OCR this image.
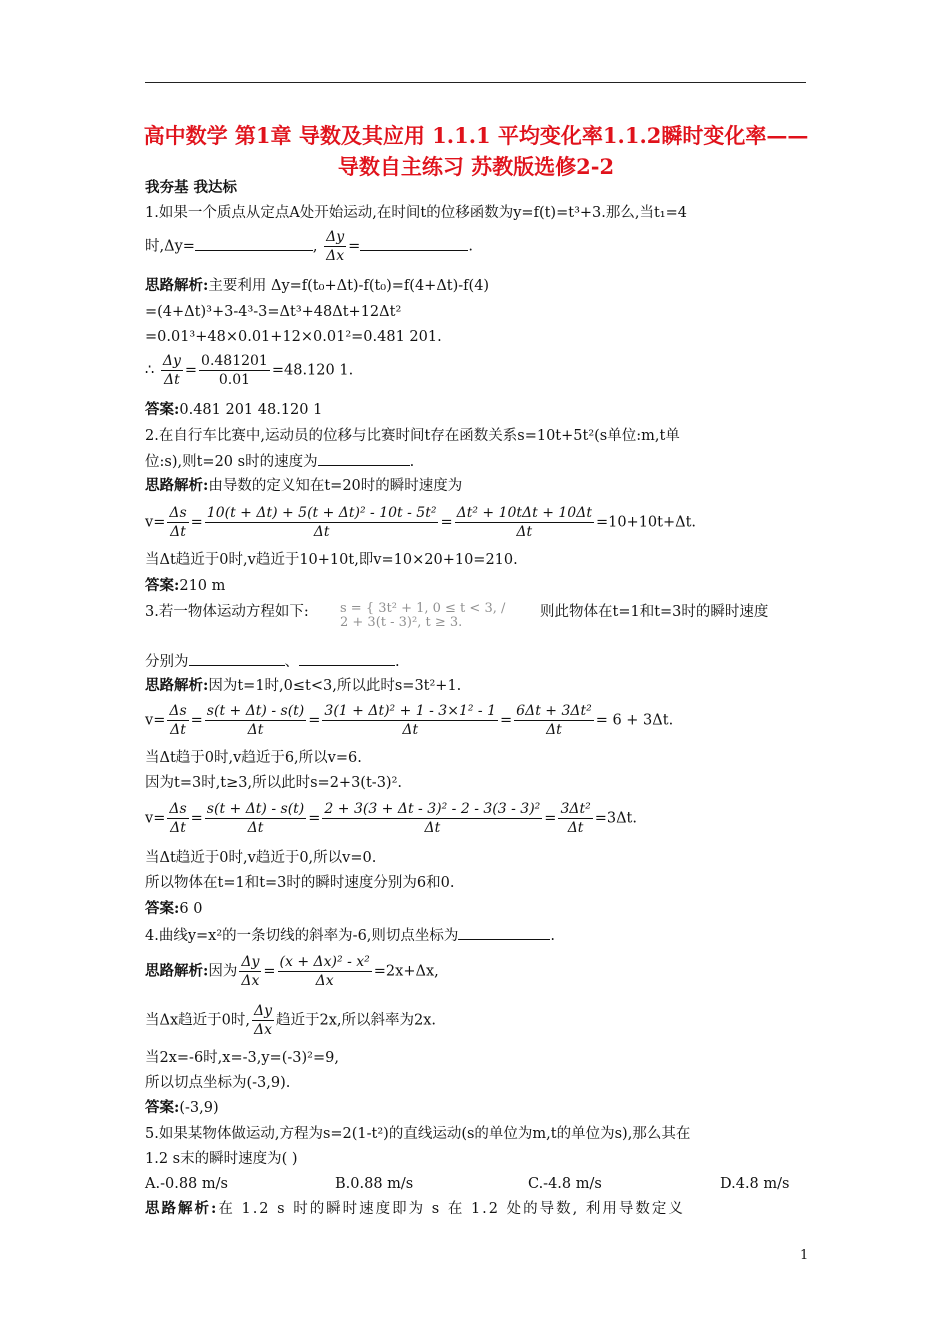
高中数学 第1章 导数及其应用 1.1.1 平均变化率1.1.2瞬时变化率——导数自主练习 苏教版选修2-2
我夯基 我达标
1.如果一个质点从定点A处开始运动,在时间t的位移函数为y=f(t)=t³+3.那么,当t₁=4
时,Δy=	, $\frac{\Delta y}{\Delta x}$ =	.
思路解析:主要利用 Δy=f(t₀+Δt)-f(t₀)=f(4+Δt)-f(4)
=(4+Δt)³+3-4³-3=Δt³+48Δt+12Δt²
=0.01³+48×0.01+12×0.01²=0.481 201.
∴ $\frac{\Delta y}{\Delta t} = \frac{0.481201}{0.01} =48.120$ 1.
答案:0.481 201 48.120 1
2.在自行车比赛中,运动员的位移与比赛时间t存在函数关系s=10t+5t²(s单位:m,t单
位:s),则t=20 s时的速度为	.
思路解析:由导数的定义知在t=20时的瞬时速度为
$v= \frac{\Delta s}{\Delta t} = \frac{\text{10(t + Δt) + 5(t + Δt)² - 10t - 5t²}}{\Delta t} = \frac{\text{Δt² + 10tΔt + 10Δt}}{\Delta t} =10+10t+\Delta t$.
当Δt趋近于0时,v趋近于10+10t,即v=10×20+10=210.
答案:210 m
3.若一物体运动方程如下: s = { 3t² + 1, 0 ≤ t < 3, / 2 + 3(t - 3)², t ≥ 3.
则此物体在t=1和t=3时的瞬时速度
分别为	、	.
思路解析:因为t=1时,0≤t<3,所以此时s=3t²+1.
$v= \frac{\Delta s}{\Delta t} = \frac{s(t + \Delta t) - s(t)}{\Delta t} = \frac{\text{3(1 + Δt)² + 1 - 3×1² - 1}}{\Delta t} = \frac{\text{6Δt + 3Δt²}}{\Delta t} = 6 + 3\Delta t$.
当Δt趋于0时,v趋近于6,所以v=6.
因为t=3时,t≥3,所以此时s=2+3(t-3)².
$v= \frac{\Delta s}{\Delta t} = \frac{s(t + \Delta t) - s(t)}{\Delta t} = \frac{\text{2 + 3(3 + Δt - 3)² - 2 - 3(3 - 3)²}}{\Delta t} = \frac{\text{3Δt²}}{\Delta t} =3\Delta t$.
当Δt趋近于0时,v趋近于0,所以v=0.
所以物体在t=1和t=3时的瞬时速度分别为6和0.
答案:6 0
4.曲线y=x²的一条切线的斜率为-6,则切点坐标为	.
思路解析:因为 $\frac{\Delta y}{\Delta x} = \frac{\text{(x + Δx)² - x²}}{\Delta x} =2x+\Delta x$,
当Δx趋近于0时, $\frac{\Delta y}{\Delta x}$ 趋近于2x,所以斜率为2x.
当2x=-6时,x=-3,y=(-3)²=9,
所以切点坐标为(-3,9).
答案:(-3,9)
5.如果某物体做运动,方程为s=2(1-t²)的直线运动(s的单位为m,t的单位为s),那么其在
1.2 s末的瞬时速度为( )
A.-0.88 m/s	B.0.88 m/s	C.-4.8 m/s	D.4.8 m/s
思路解析:在 1.2 s 时的瞬时速度即为 s 在 1.2 处的导数, 利用导数定义
1
